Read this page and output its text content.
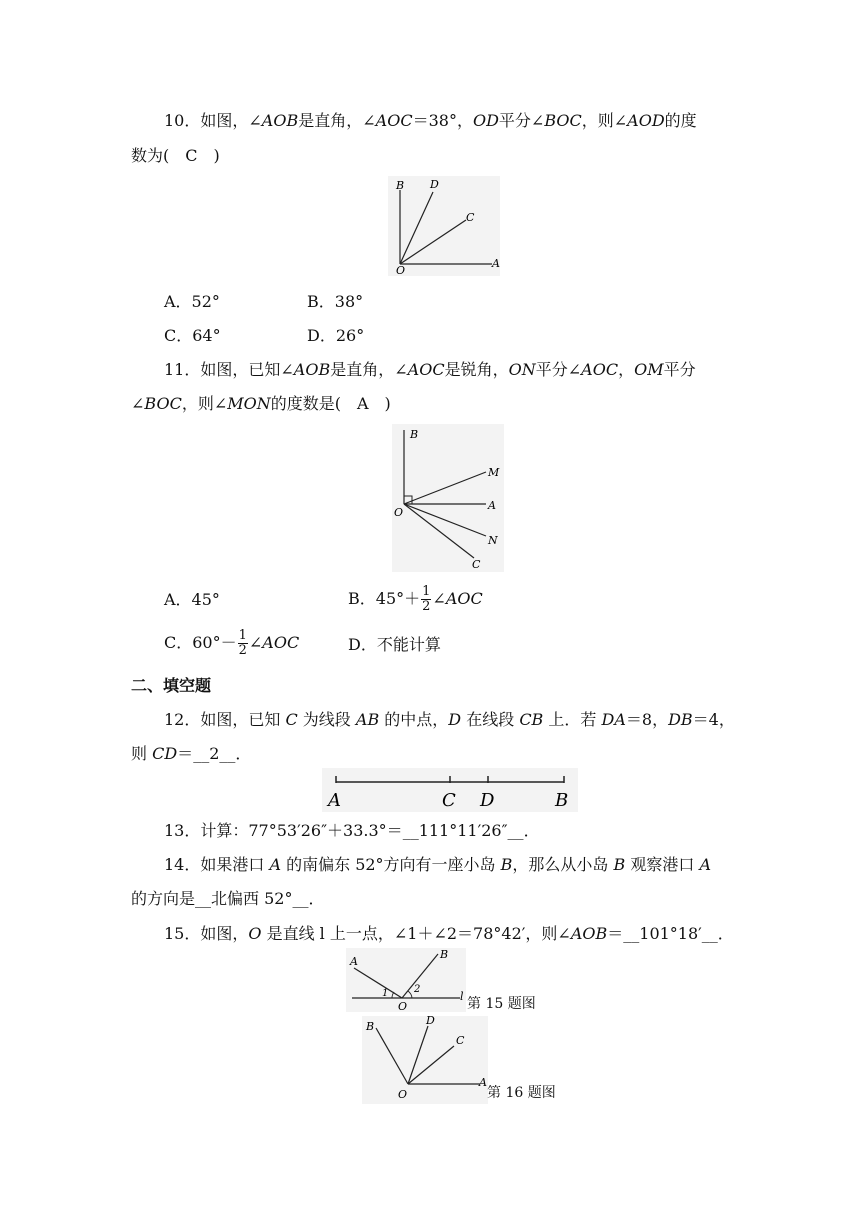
10．如图，∠AOB是直角，∠AOC＝38°，OD平分∠BOC，则∠AOD的度
数为(　C　)
B D
C
O
A
A．52°	B．38°
C．64°	D．26°
11．如图，已知∠AOB是直角，∠AOC是锐角，ON平分∠AOC，OM平分
∠BOC，则∠MON的度数是(　A　)
B
M
A
O
N
C
A．45°	B．$45^\circ+ \frac{1}{2}$ ∠AOC
C．$60^\circ- \frac{1}{2}$ ∠AOC	D．不能计算
二、填空题
12．如图，已知 C 为线段 AB 的中点，D 在线段 CB 上．若 DA＝8，DB＝4，
则 CD＝__2__．
A	C D	B
13．计算：77°53′26″＋33.3°＝__111°11′26″__．
14．如果港口 A 的南偏东 52°方向有一座小岛 B，那么从小岛 B 观察港口 A
的方向是__北偏西 52°__．
15．如图，O 是直线 l 上一点，∠1＋∠2＝78°42′，则∠AOB＝__101°18′__．
A
B
1	2
O
l 第 15 题图
B	D
C
O
A
第 16 题图
